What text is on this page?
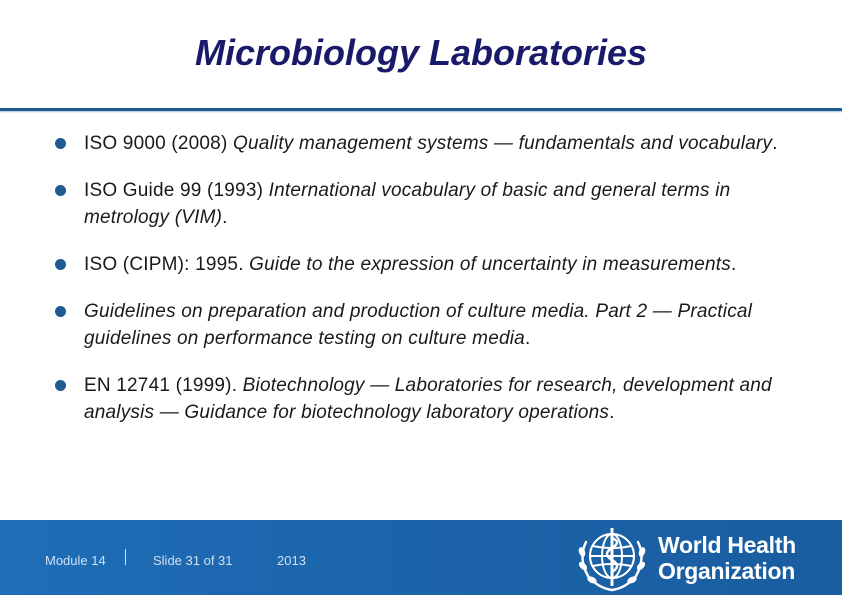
Microbiology Laboratories
ISO 9000 (2008) Quality management systems — fundamentals and vocabulary.
ISO Guide 99 (1993) International vocabulary of basic and general terms in metrology (VIM).
ISO (CIPM): 1995. Guide to the expression of uncertainty in measurements.
Guidelines on preparation and production of culture media. Part 2 — Practical guidelines on performance testing on culture media.
EN 12741 (1999). Biotechnology — Laboratories for research, development and analysis — Guidance for biotechnology laboratory operations.
Module 14	Slide 31 of 31	2013
World Health
Organization
